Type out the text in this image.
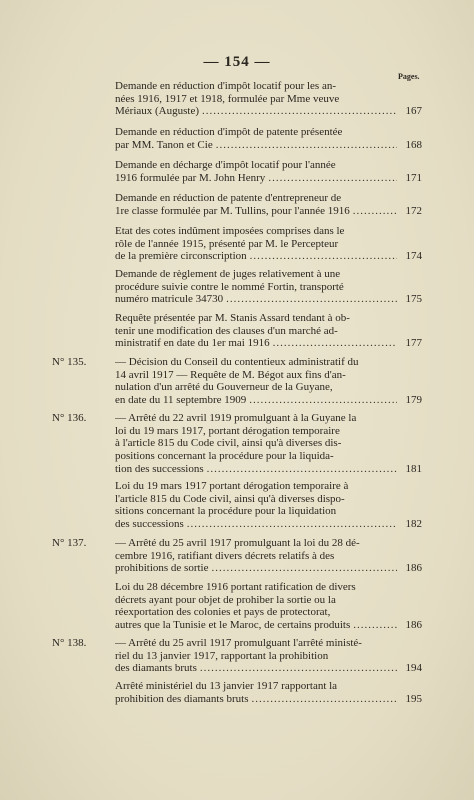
— 154 —
Pages.
Demande en réduction d'impôt locatif pour les an-
nées 1916, 1917 et 1918, formulée par Mme veuve
Mériaux (Auguste) .....	167
Demande en réduction d'impôt de patente présentée
par MM. Tanon et Cie .....	168
Demande en décharge d'impôt locatif pour l'année
1916 formulée par M. John Henry .....	171
Demande en réduction de patente d'entrepreneur de
1re classe formulée par M. Tullins, pour l'année 1916 .....	172
Etat des cotes indûment imposées comprises dans le
rôle de l'année 1915, présenté par M. le Percepteur
de la première circonscription .....	174
Demande de règlement de juges relativement à une
procédure suivie contre le nommé Fortin, transporté
numéro matricule 34730 .....	175
Requête présentée par M. Stanis Assard tendant à ob-
tenir une modification des clauses d'un marché ad-
ministratif en date du 1er mai 1916 .....	177
N° 135.	— Décision du Conseil du contentieux administratif du
14 avril 1917 — Requête de M. Bégot aux fins d'an-
nulation d'un arrêté du Gouverneur de la Guyane,
en date du 11 septembre 1909 .....	179
N° 136.	— Arrêté du 22 avril 1919 promulguant à la Guyane la
loi du 19 mars 1917, portant dérogation temporaire
à l'article 815 du Code civil, ainsi qu'à diverses dis-
positions concernant la procédure pour la liquida-
tion des successions .....	181
Loi du 19 mars 1917 portant dérogation temporaire à
l'article 815 du Code civil, ainsi qu'à diverses dispo-
sitions concernant la procédure pour la liquidation
des successions .....	182
N° 137.	— Arrêté du 25 avril 1917 promulguant la loi du 28 dé-
cembre 1916, ratifiant divers décrets relatifs à des
prohibitions de sortie .....	186
Loi du 28 décembre 1916 portant ratification de divers
décrets ayant pour objet de prohiber la sortie ou la
réexportation des colonies et pays de protectorat,
autres que la Tunisie et le Maroc, de certains produits .....	186
N° 138.	— Arrêté du 25 avril 1917 promulguant l'arrêté ministé-
riel du 13 janvier 1917, rapportant la prohibition
des diamants bruts .....	194
Arrêté ministériel du 13 janvier 1917 rapportant la
prohibition des diamants bruts .....	195
